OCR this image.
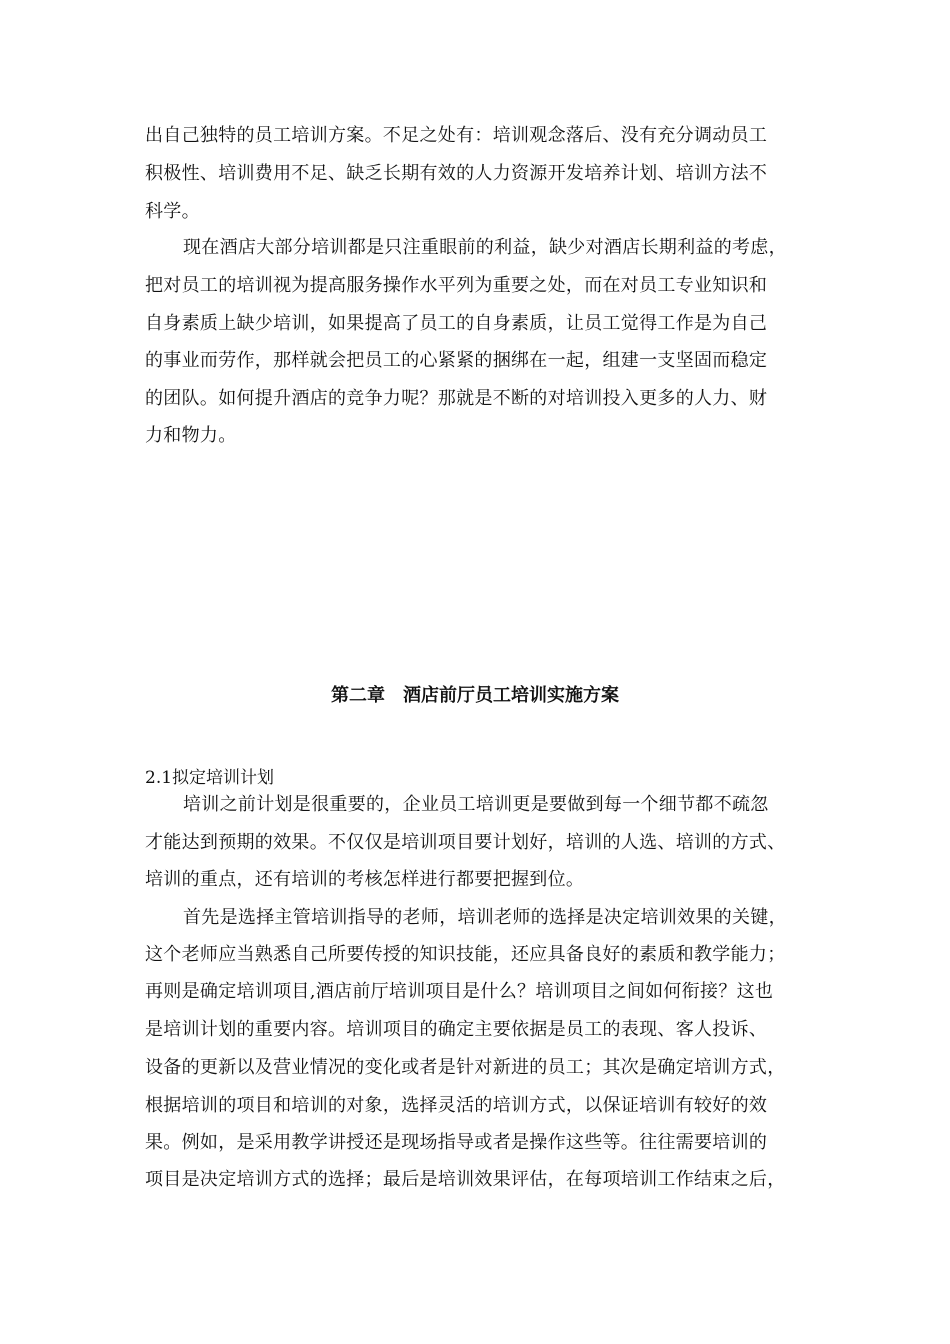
出自己独特的员工培训方案。不足之处有：培训观念落后、没有充分调动员工
积极性、培训费用不足、缺乏长期有效的人力资源开发培养计划、培训方法不
科学。
现在酒店大部分培训都是只注重眼前的利益，缺少对酒店长期利益的考虑，
把对员工的培训视为提高服务操作水平列为重要之处，而在对员工专业知识和
自身素质上缺少培训，如果提高了员工的自身素质，让员工觉得工作是为自己
的事业而劳作，那样就会把员工的心紧紧的捆绑在一起，组建一支坚固而稳定
的团队。如何提升酒店的竞争力呢？那就是不断的对培训投入更多的人力、财
力和物力。
第二章　酒店前厅员工培训实施方案
2.1拟定培训计划
培训之前计划是很重要的，企业员工培训更是要做到每一个细节都不疏忽
才能达到预期的效果。不仅仅是培训项目要计划好，培训的人选、培训的方式、
培训的重点，还有培训的考核怎样进行都要把握到位。
首先是选择主管培训指导的老师，培训老师的选择是决定培训效果的关键，
这个老师应当熟悉自己所要传授的知识技能，还应具备良好的素质和教学能力；
再则是确定培训项目,酒店前厅培训项目是什么？培训项目之间如何衔接？这也
是培训计划的重要内容。培训项目的确定主要依据是员工的表现、客人投诉、
设备的更新以及营业情况的变化或者是针对新进的员工；其次是确定培训方式，
根据培训的项目和培训的对象，选择灵活的培训方式，以保证培训有较好的效
果。例如，是采用教学讲授还是现场指导或者是操作这些等。往往需要培训的
项目是决定培训方式的选择；最后是培训效果评估，在每项培训工作结束之后，
